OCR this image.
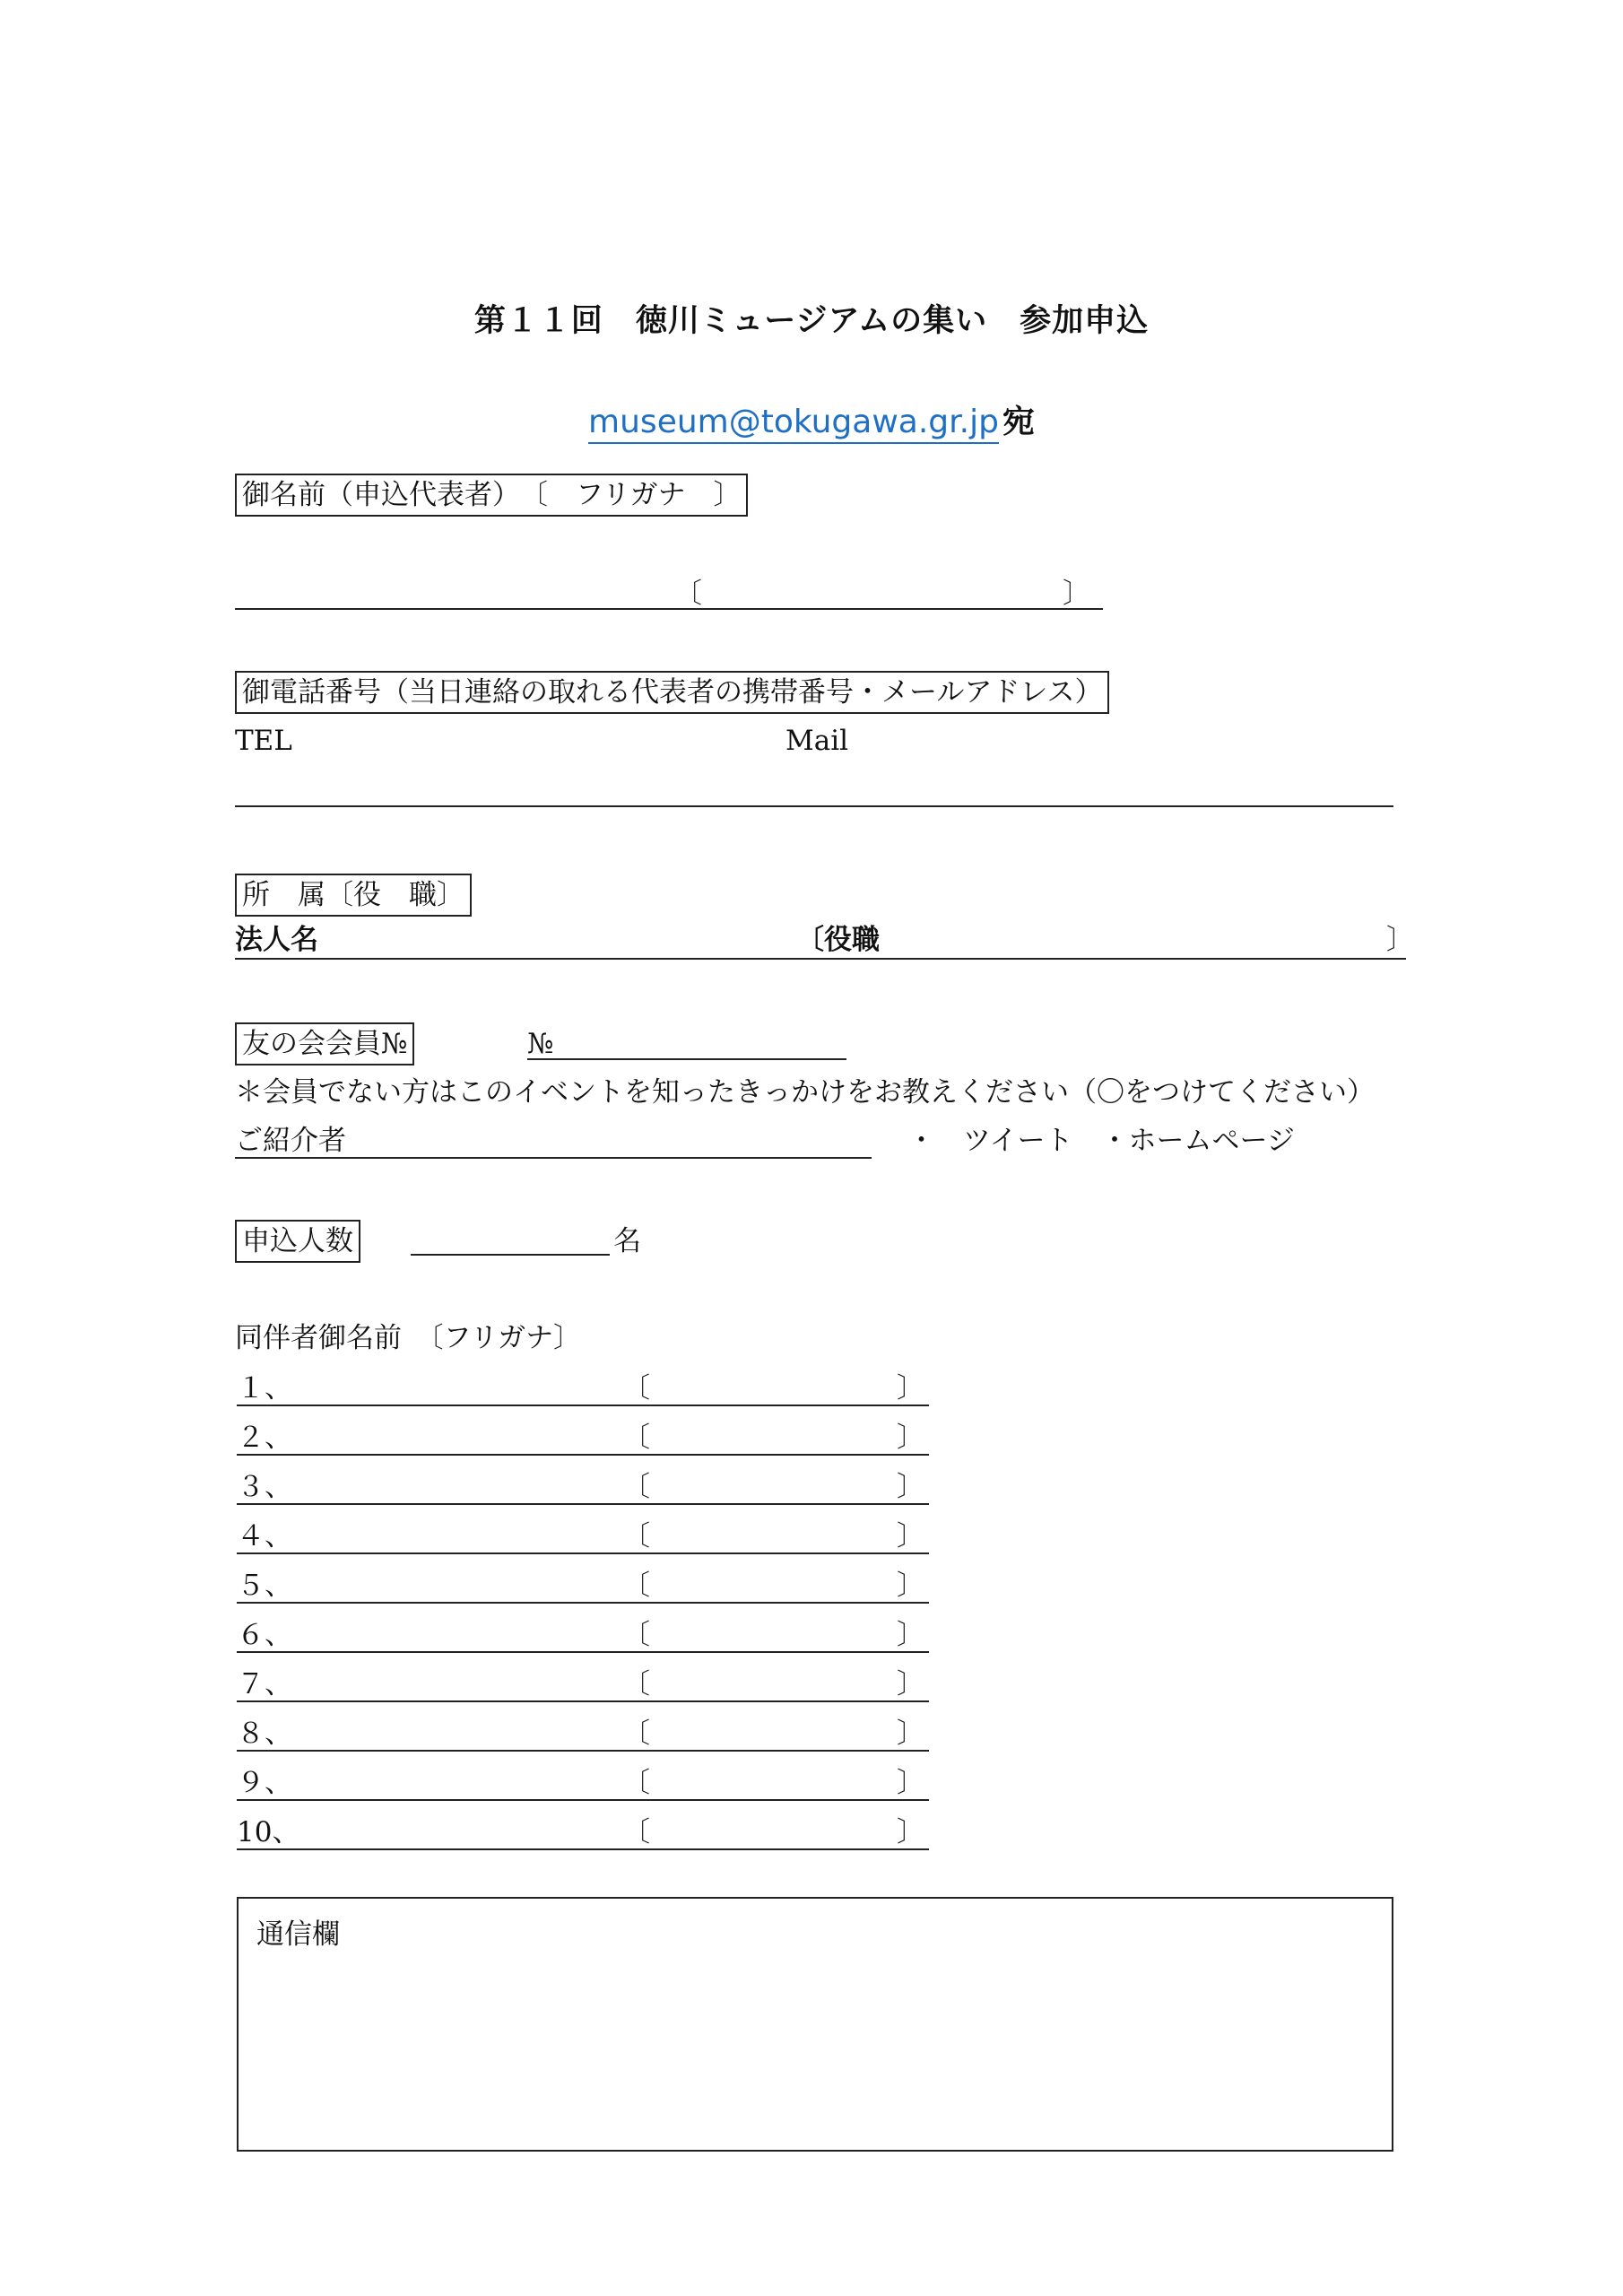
第１１回　徳川ミュージアムの集い　参加申込
museum@tokugawa.gr.jp 宛
御名前（申込代表者）　〔　フリガナ　〕
〔	〕
御電話番号（当日連絡の取れる代表者の携帯番号・メールアドレス）
TEL	Mail
所　属〔役　職〕
法人名	〔役職	〕
友の会会員№	№
＊会員でない方はこのイベントを知ったきっかけをお教えください（〇をつけてください）
ご紹介者	・　ツイート　・ホームページ
申込人数	名
同伴者御名前　〔フリガナ〕
１、	〔	〕
２、	〔	〕
３、	〔	〕
４、	〔	〕
５、	〔	〕
６、	〔	〕
７、	〔	〕
８、	〔	〕
９、	〔	〕
10、	〔	〕
通信欄
